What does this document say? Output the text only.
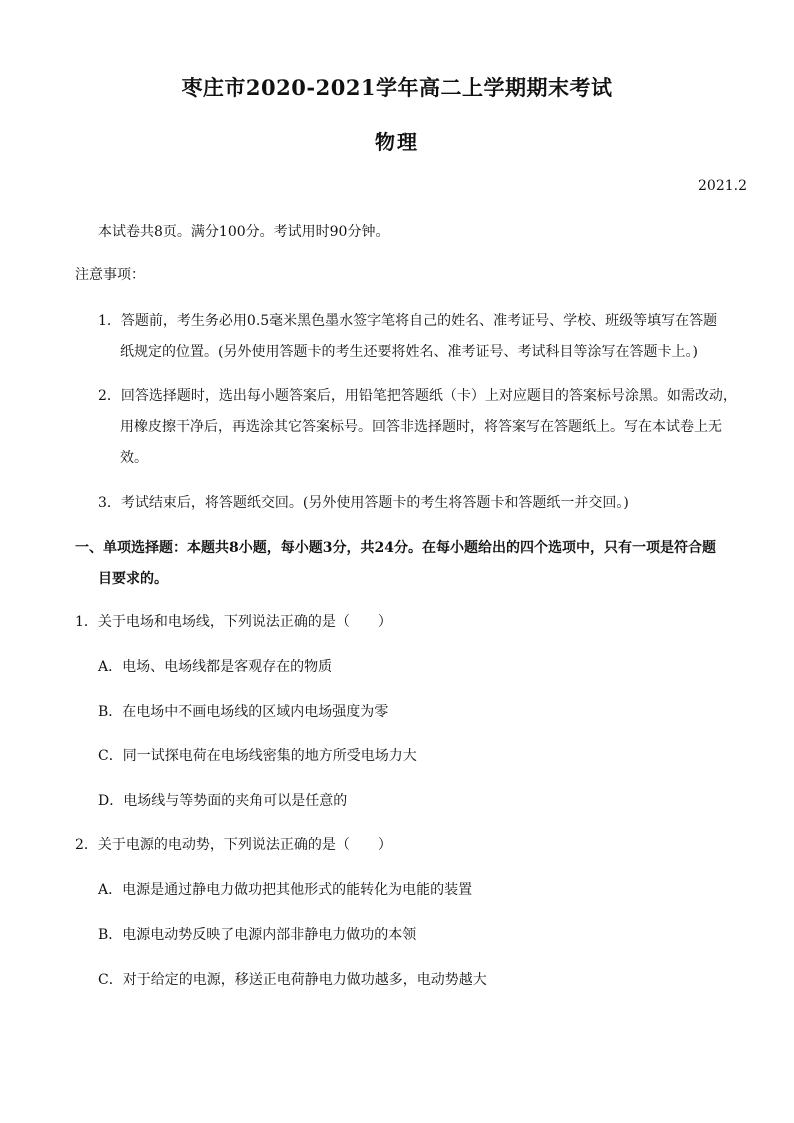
枣庄市2020-2021学年高二上学期期末考试
物理
2021.2
本试卷共8页。满分100分。考试用时90分钟。
注意事项：
1．答题前，考生务必用0.5毫米黑色墨水签字笔将自己的姓名、准考证号、学校、班级等填写在答题
纸规定的位置。(另外使用答题卡的考生还要将姓名、准考证号、考试科目等涂写在答题卡上。)
2．回答选择题时，选出每小题答案后，用铅笔把答题纸（卡）上对应题目的答案标号涂黑。如需改动，
用橡皮擦干净后，再选涂其它答案标号。回答非选择题时，将答案写在答题纸上。写在本试卷上无
效。
3．考试结束后，将答题纸交回。(另外使用答题卡的考生将答题卡和答题纸一并交回。)
一、单项选择题：本题共8小题，每小题3分，共24分。在每小题给出的四个选项中，只有一项是符合题
目要求的。
1．关于电场和电场线，下列说法正确的是（　　）
A．电场、电场线都是客观存在的物质
B．在电场中不画电场线的区域内电场强度为零
C．同一试探电荷在电场线密集的地方所受电场力大
D．电场线与等势面的夹角可以是任意的
2．关于电源的电动势，下列说法正确的是（　　）
A．电源是通过静电力做功把其他形式的能转化为电能的装置
B．电源电动势反映了电源内部非静电力做功的本领
C．对于给定的电源，移送正电荷静电力做功越多，电动势越大
